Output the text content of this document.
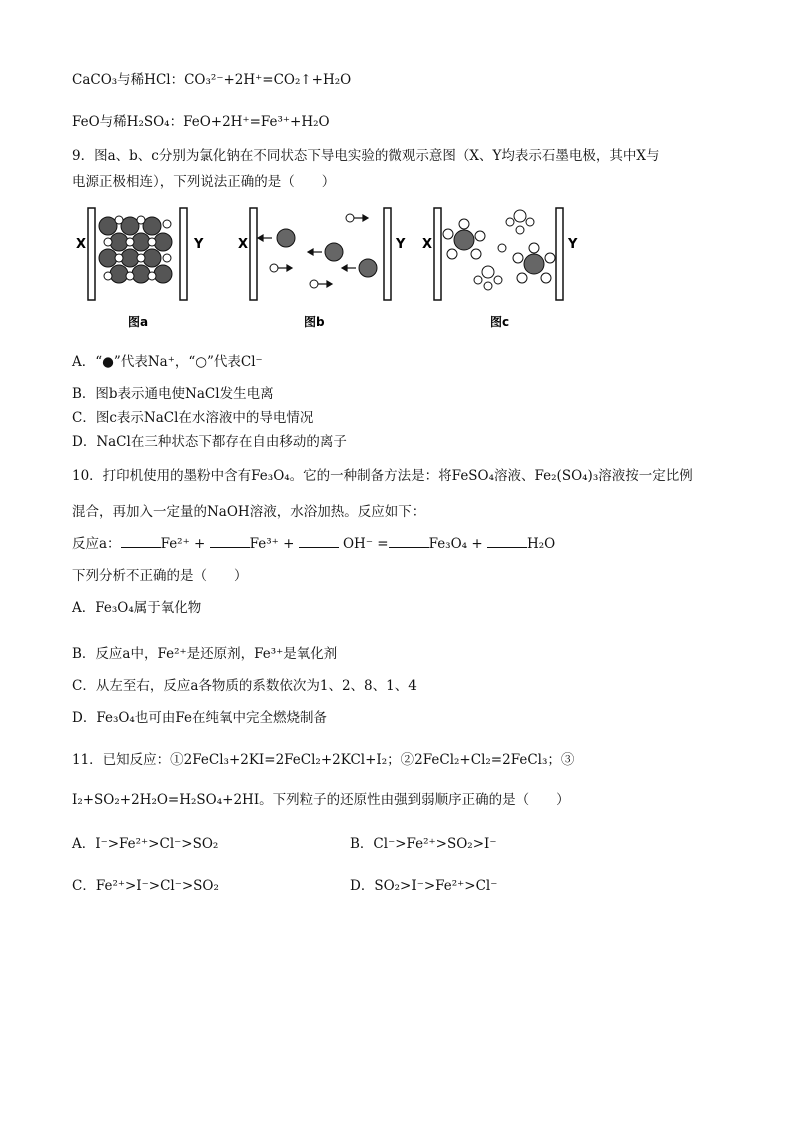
CaCO₃与稀HCl：CO₃²⁻+2H⁺=CO₂↑+H₂O
FeO与稀H₂SO₄：FeO+2H⁺=Fe³⁺+H₂O
9．图a、b、c分别为氯化钠在不同状态下导电实验的微观示意图（X、Y均表示石墨电极，其中X与
电源正极相连），下列说法正确的是（　　）
X	Y
图a
X	Y
图b
X	Y
图c
A．“●”代表Na⁺，“○”代表Cl⁻
B．图b表示通电使NaCl发生电离
C．图c表示NaCl在水溶液中的导电情况
D．NaCl在三种状态下都存在自由移动的离子
10．打印机使用的墨粉中含有Fe₃O₄。它的一种制备方法是：将FeSO₄溶液、Fe₂(SO₄)₃溶液按一定比例
混合，再加入一定量的NaOH溶液，水浴加热。反应如下：
反应a：	Fe²⁺ +	Fe³⁺ +	OH⁻ =	Fe₃O₄ +	H₂O
下列分析不正确的是（　　）
A．Fe₃O₄属于氧化物
B．反应a中，Fe²⁺是还原剂，Fe³⁺是氧化剂
C．从左至右，反应a各物质的系数依次为1、2、8、1、4
D．Fe₃O₄也可由Fe在纯氧中完全燃烧制备
11．已知反应：①2FeCl₃+2KI=2FeCl₂+2KCl+I₂；②2FeCl₂+Cl₂=2FeCl₃；③
I₂+SO₂+2H₂O=H₂SO₄+2HI。下列粒子的还原性由强到弱顺序正确的是（　　）
A．I⁻>Fe²⁺>Cl⁻>SO₂	B．Cl⁻>Fe²⁺>SO₂>I⁻
C．Fe²⁺>I⁻>Cl⁻>SO₂	D．SO₂>I⁻>Fe²⁺>Cl⁻
